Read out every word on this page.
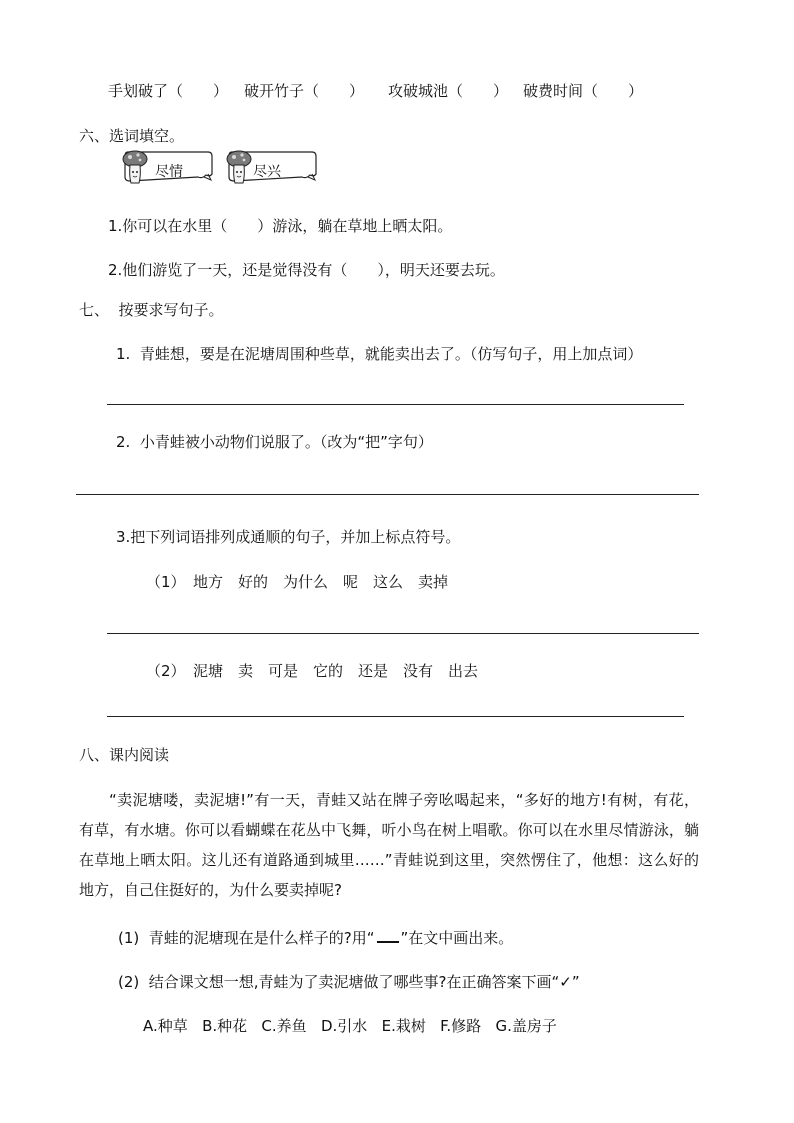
手划破了（　　） 破开竹子（　　） 攻破城池（　　） 破费时间（　　）
六、选词填空。
尽情	尽兴
1.你可以在水里（　　）游泳，躺在草地上晒太阳。
2.他们游览了一天，还是觉得没有（　　），明天还要去玩。
七、  按要求写句子。
1.  青蛙想，要是在泥塘周围种些草，就能卖出去了。（仿写句子，用上加点词）
2.  小青蛙被小动物们说服了。（改为“把”字句）
3.把下列词语排列成通顺的句子，并加上标点符号。
（1）　地方　好的　为什么　呢　这么　卖掉
（2）　泥塘　卖　可是　它的　还是　没有　出去
八、课内阅读
“卖泥塘喽，卖泥塘!”有一天，青蛙又站在牌子旁吆喝起来，“多好的地方!有树，有花，有草，有水塘。你可以看蝴蝶在花丛中飞舞，听小鸟在树上唱歌。你可以在水里尽情游泳，躺在草地上晒太阳。这儿还有道路通到城里……”青蛙说到这里，突然愣住了，他想：这么好的地方，自己住挺好的，为什么要卖掉呢?
(1)  青蛙的泥塘现在是什么样子的?用“ ”在文中画出来。
(2)  结合课文想一想,青蛙为了卖泥塘做了哪些事?在正确答案下画“✓”
A.种草   B.种花   C.养鱼   D.引水   E.栽树   F.修路   G.盖房子
